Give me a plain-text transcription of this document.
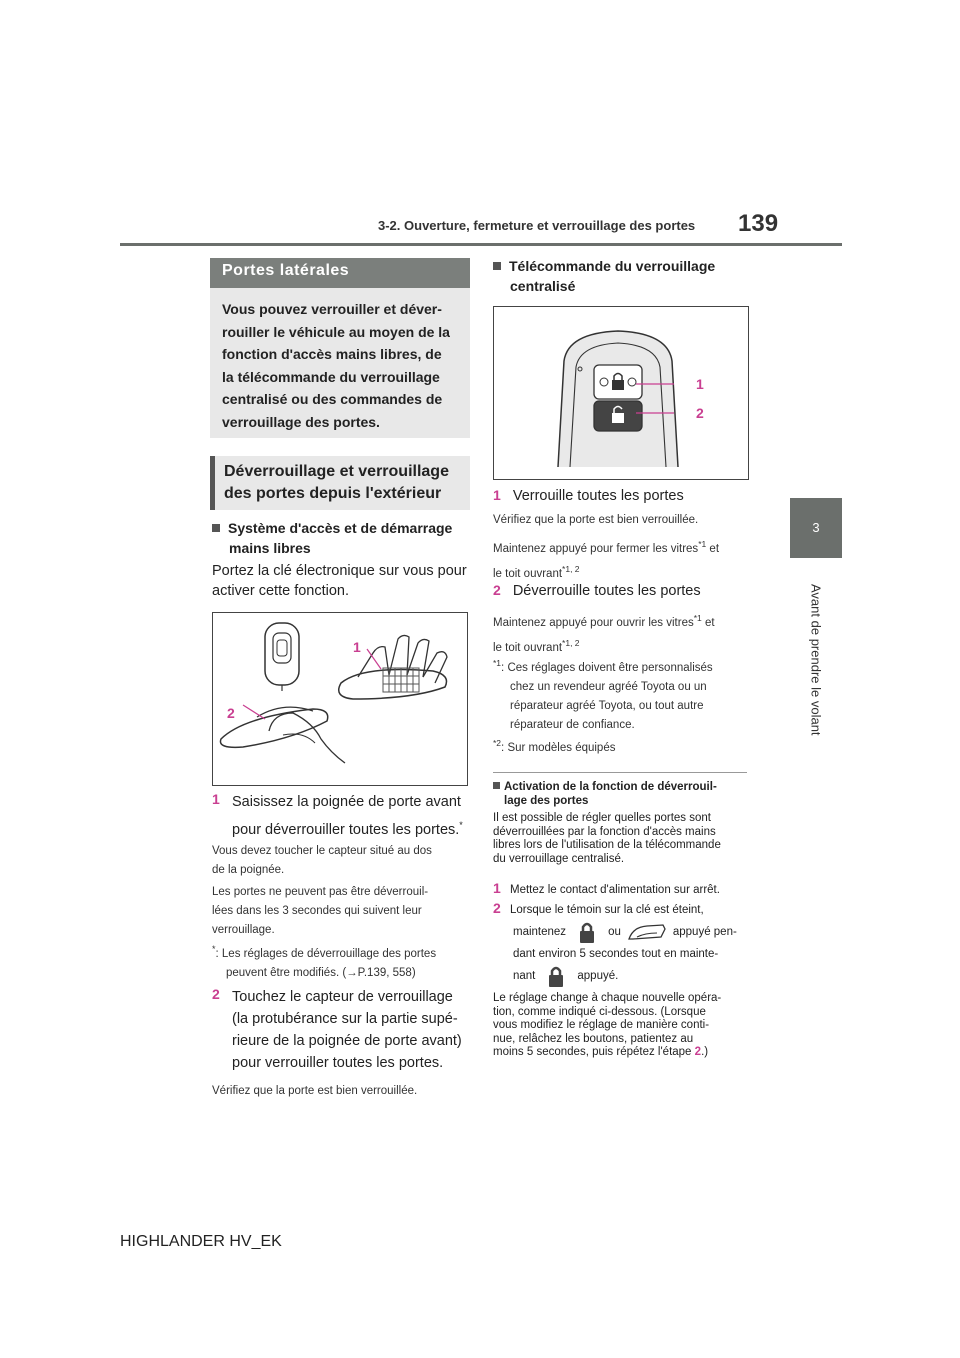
3-2. Ouverture, fermeture et verrouillage des portes 139
3
Avant de prendre le volant
Portes latérales
Vous pouvez verrouiller et déver-
rouiller le véhicule au moyen de la
fonction d'accès mains libres, de
la télécommande du verrouillage
centralisé ou des commandes de
verrouillage des portes.
Déverrouillage et verrouillage
des portes depuis l'extérieur
Système d'accès et de démarrage
mains libres
Portez la clé électronique sur vous pour
activer cette fonction.
1
2
1 Saisissez la poignée de porte avant
pour déverrouiller toutes les portes.*
Vous devez toucher le capteur situé au dos
de la poignée.
Les portes ne peuvent pas être déverrouil-
lées dans les 3 secondes qui suivent leur
verrouillage.
*: Les réglages de déverrouillage des portes
peuvent être modifiés. (→P.139, 558)
2 Touchez le capteur de verrouillage
(la protubérance sur la partie supé-
rieure de la poignée de porte avant)
pour verrouiller toutes les portes.
Vérifiez que la porte est bien verrouillée.
Télécommande du verrouillage
centralisé
1
2
1 Verrouille toutes les portes
Vérifiez que la porte est bien verrouillée.
Maintenez appuyé pour fermer les vitres$^{*1}$ et
le toit ouvrant$^{*1, 2}$
2 Déverrouille toutes les portes
Maintenez appuyé pour ouvrir les vitres$^{*1}$ et
le toit ouvrant$^{*1, 2}$
$^{*1}$: Ces réglages doivent être personnalisés
chez un revendeur agréé Toyota ou un
réparateur agréé Toyota, ou tout autre
réparateur de confiance.
$^{*2}$: Sur modèles équipés
Activation de la fonction de déverrouil-
lage des portes
Il est possible de régler quelles portes sont
déverrouillées par la fonction d'accès mains
libres lors de l'utilisation de la télécommande
du verrouillage centralisé.
1 Mettez le contact d'alimentation sur arrêt.
2 Lorsque le témoin sur la clé est éteint,
maintenez	ou	appuyé pen-
dant environ 5 secondes tout en mainte-
nant	appuyé.
Le réglage change à chaque nouvelle opéra-
tion, comme indiqué ci-dessous. (Lorsque
vous modifiez le réglage de manière conti-
nue, relâchez les boutons, patientez au
moins 5 secondes, puis répétez l'étape 2.)
HIGHLANDER HV_EK
